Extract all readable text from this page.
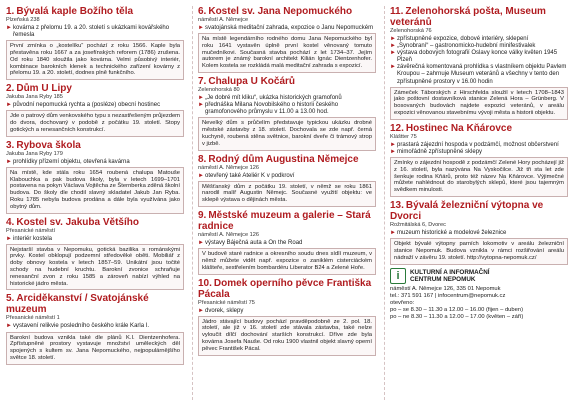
1. Bývalá kaple Božího těla

Plzeňská 238

► kovárna z přelomu 19. a 20. století s ukázkami kovářského řemesla

První zmínka o „kostelíku“ pochází z roku 1566. Kaple byla přestavěna roku 1667 a za josefínských reforem (1786) zrušena. Od roku 1840 sloužila jako kovárna. Velmi působivý interiér, kombinace barokních klenek a technického zařízení kovárny z přelomu 19. a 20. století, dodnes plně funkčního.

2. Dům U Lipy

Jakuba Jana Ryby 185

► původní nepomucká rychta a (posléze) obecní hostinec

Jde o patrový dům venkovského typu s nezastřešeným průjezdem do dvora, dochovaný v podobě z počátku 19. století. Stopy gotických a renesančních konstrukcí.

3. Rybova škola

Jakuba Jana Ryby 179

► prohlídky přízemí objektu, otevřená kavárna

Na místě, kde stála roku 1654 roubená chalupa Matouše Klabouchka a pak budova školy, byla v letech 1699–1701 postavena na pokyn Václava Vojtěcha ze Šternberka zděná školní budova. Do školy dle chodil slavný skladatel Jakub Jan Ryba. Roku 1785 nebyla budova prodána a dále byla využívána jako obytný dům.

4. Kostel sv. Jakuba Většího

Přesanické náměstí

► interiér kostela

Nejstarší stavba v Nepomuku, gotická bazilika s románskými prvky. Kostel obklopují podzemní středověké oběti. Mobiliář z doby obnovy kostela v letech 1857–59. Unikátní jsou točité schody na hudební kruchtu. Barokní zvonice schraňuje renesanční zvon z roku 1585 a zároveň nabízí výhled na historické jádro města.

5. Arciděkanství / Svatojánské muzeum

Přesanické náměstí 1

► vystavení relikvie posledního českého krále Karla I.

Barokní budova vznikla také dle plánů K.I. Dientzenhofera. Zpřístupněné prostory vystavuje množství uměleckých děl spojených s kultem sv. Jana Nepomuckého, nejpopulárnějšího světce 18. století.

6. Kostel sv. Jana Nepomuckého

náměstí A. Němejce

► svatojánská meditační zahrada, expozice o Janu Nepomuckém

Na místě legendárního rodného domu Jana Nepomuckého byl roku 1641 vystavěn úplně první kostel věnovaný tomuto mučedníkovi. Současná stavba pochází z let 1734–37. Jejím autorem je známý barokní architekt Kilián Ignác Dientzenhofer. Kolem kostela se rozkládá malá meditační zahrada s expozicí.

7. Chalupa U Kočárů

Zelenohorská 80

► „Je dobré mít kliku“, ukázka historických gramofonů

► přednáška Milana Novobilského o historii českého gramofonového průmyslu v 11.00 a 13.00 hod.

Nevelký dům s průčelím představuje typickou ukázku drobné městské zástavby z 18. století. Dochovala se zde např. černá kuchyně, roubená stěna světnice, barokní dveře či trámový strop v jizbě.

8. Rodný dům Augustina Němejce

náměstí A. Němejce 126

► otevřený také Ateliér K v podkroví

Měšťanský dům z počátku 19. století, v němž se roku 1861 narodil malíř Augustin Němejc. Současné využití objektu: ve sklepě výstava o dějinách města.

9. Městské muzeum a galerie – Stará radnice

náměstí A. Němejce 126

► výstavy Báječná auta a On the Road

V budově staré radnice a okresního soudu dnes sídlí muzeum, v němž můžete vidět např. expozice o zaniklém cisterciáckém klášteře, sestřelením bombardéru Liberator B24 a Zelené Hoře.

10. Domek operního pěvce Františka Pácala

Přesanické náměstí 75

► dvorek, sklepy

Jádro stávající budovy pochází pravděpodobně ze 2. pol. 18. století, ale již v 16. století zde stávala zástavba, také nelze vyloučit dílčí dochování starších konstrukcí. Dříve zde byla kovárna Josefa Nauše. Od roku 1900 vlastnil objekt slavný operní pěvec František Pácal.

11. Zelenohorská pošta, Museum veteránů

Zelenohorská 76

► zpřístupněné expozice, dobové interiéry, sklepení

► „Synobraní“ – gastronomicko-hudební minifestivalek

► výstava dobových fotografií Oslavy konce války květen 1945 Plzeň

► závěrečná komentovaná prohlídka s vlastníkem objektu Pavlem Kroupou – zahrnuje Museum veteránů a všechny v tento den zpřístupněné prostory v 16.00 hodin

Zámeček Táborských z Hirschfelda sloužil v letech 1708–1843 jako poštovní dostavníková stanice Zelená Hora – Grünberg. V bosovaných budovách najdete expozici veteránů, v areálu expozici věnovanou stavebnímu vývoji města a historii objektu.

12. Hostinec Na Kňárovce

Kláštter 75

► prastará zájezdní hospoda v podzámčí, možnost občerstvení

► mimořádně zpřístupněné sklepy

Zmínky o zájezdní hospodě z podzámčí Zelené Hory pocházejí již z 16. století, byla nazývána Na Vyskočilce. Již tři sta let zde šenkuje rodina Kňárů, proto též název Na Kňárovce. Výjimečné můžete nahlédnout do starobylých sklepů, které jsou tajemným svědkem minulosti.

13. Bývalá železniční výtopna ve Dvorci

Rožmitálská 6, Dvorec

► muzeum historické a modelové železnice

Objekt bývalé výtopny parních lokomotiv v areálu železniční stanice Nepomuk. Budova vznikla v rámci rozšiřování areálu nádraží v závěru 19. století. http://vytopna-nepomuk.cz/

i	KULTURNÍ A INFORMAČNÍ
CENTRUM NEPOMUK

náměstí A. Němejce 126, 335 01 Nepomuk

tel.: 371 591 167 | infocentrum@nepomuk.cz

otevřeno:

po – se 8.30 – 11.30 a 12.00 – 16.00 (fijen – duben)

po – ne 8.30 – 11.30 a 12.00 – 17.00 (květen – září)
